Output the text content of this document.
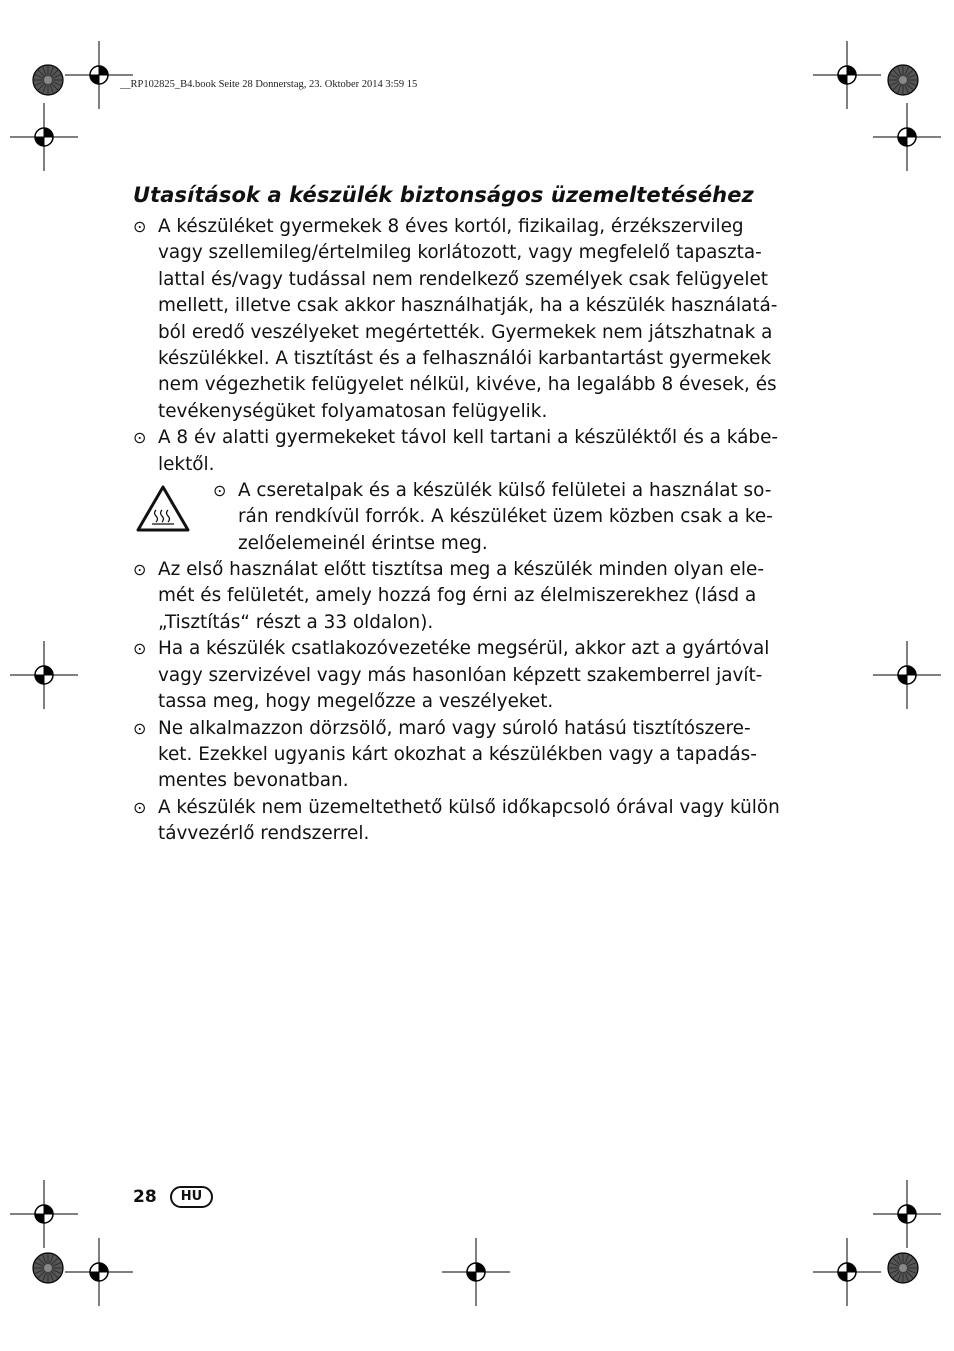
__RP102825_B4.book Seite 28 Donnerstag, 23. Oktober 2014 3:59 15
Utasítások a készülék biztonságos üzemeltetéséhez
⊙ A készüléket gyermekek 8 éves kortól, fizikailag, érzékszervileg
vagy szellemileg/értelmileg korlátozott, vagy megfelelő tapaszta-
lattal és/vagy tudással nem rendelkező személyek csak felügyelet
mellett, illetve csak akkor használhatják, ha a készülék használatá-
ból eredő veszélyeket megértették. Gyermekek nem játszhatnak a
készülékkel. A tisztítást és a felhasználói karbantartást gyermekek
nem végezhetik felügyelet nélkül, kivéve, ha legalább 8 évesek, és
tevékenységüket folyamatosan felügyelik.
⊙ A 8 év alatti gyermekeket távol kell tartani a készüléktől és a kábe-
lektől.
⊙ A cseretalpak és a készülék külső felületei a használat so-
rán rendkívül forrók. A készüléket üzem közben csak a ke-
zelőelemeinél érintse meg.
⊙ Az első használat előtt tisztítsa meg a készülék minden olyan ele-
mét és felületét, amely hozzá fog érni az élelmiszerekhez (lásd a
„Tisztítás“ részt a 33 oldalon).
⊙ Ha a készülék csatlakozóvezetéke megsérül, akkor azt a gyártóval
vagy szervizével vagy más hasonlóan képzett szakemberrel javít-
tassa meg, hogy megelőzze a veszélyeket.
⊙ Ne alkalmazzon dörzsölő, maró vagy súroló hatású tisztítószere-
ket. Ezekkel ugyanis kárt okozhat a készülékben vagy a tapadás-
mentes bevonatban.
⊙ A készülék nem üzemeltethető külső időkapcsoló órával vagy külön
távvezérlő rendszerrel.
28	HU
